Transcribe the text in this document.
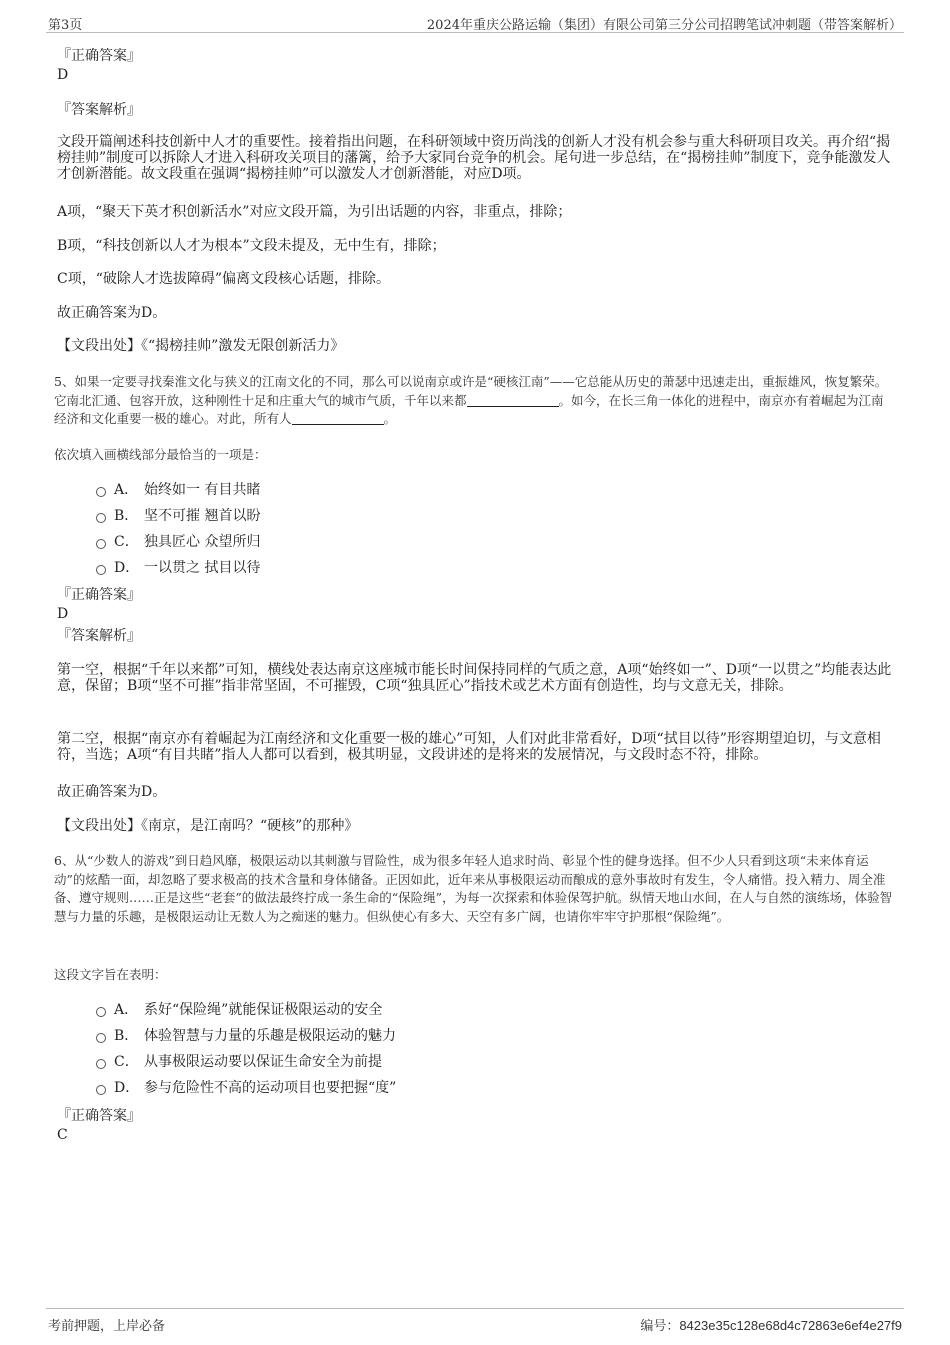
第3页	2024年重庆公路运输（集团）有限公司第三分公司招聘笔试冲刺题（带答案解析）
『正确答案』
D
『答案解析』
文段开篇阐述科技创新中人才的重要性。接着指出问题，在科研领域中资历尚浅的创新人才没有机会参与重大科研项目攻关。再介绍“揭榜挂帅”制度可以拆除人才进入科研攻关项目的藩篱，给予大家同台竞争的机会。尾句进一步总结，在“揭榜挂帅”制度下，竞争能激发人才创新潜能。故文段重在强调“揭榜挂帅”可以激发人才创新潜能，对应D项。
A项，“聚天下英才积创新活水”对应文段开篇，为引出话题的内容，非重点，排除；
B项，“科技创新以人才为根本”文段未提及，无中生有，排除；
C项，“破除人才选拔障碍”偏离文段核心话题，排除。
故正确答案为D。
【文段出处】《“揭榜挂帅”激发无限创新活力》
5、如果一定要寻找秦淮文化与狭义的江南文化的不同，那么可以说南京或许是“硬核江南”——它总能从历史的萧瑟中迅速走出，重振雄风，恢复繁荣。它南北汇通、包容开放，这种刚性十足和庄重大气的城市气质，千年以来都	。如今，在长三角一体化的进程中，南京亦有着崛起为江南经济和文化重要一极的雄心。对此，所有人	。
依次填入画横线部分最恰当的一项是：
A． 始终如一 有目共睹
B． 坚不可摧 翘首以盼
C． 独具匠心 众望所归
D． 一以贯之 拭目以待
『正确答案』
D
『答案解析』
第一空，根据“千年以来都”可知，横线处表达南京这座城市能长时间保持同样的气质之意，A项“始终如一”、D项“一以贯之”均能表达此意，保留；B项“坚不可摧”指非常坚固，不可摧毁，C项“独具匠心”指技术或艺术方面有创造性，均与文意无关，排除。
第二空，根据“南京亦有着崛起为江南经济和文化重要一极的雄心”可知，人们对此非常看好，D项“拭目以待”形容期望迫切，与文意相符，当选；A项“有目共睹”指人人都可以看到，极其明显，文段讲述的是将来的发展情况，与文段时态不符，排除。
故正确答案为D。
【文段出处】《南京，是江南吗？“硬核”的那种》
6、从“少数人的游戏”到日趋风靡，极限运动以其刺激与冒险性，成为很多年轻人追求时尚、彰显个性的健身选择。但不少人只看到这项“未来体育运动”的炫酷一面，却忽略了要求极高的技术含量和身体储备。正因如此，近年来从事极限运动而酿成的意外事故时有发生，令人痛惜。投入精力、周全准备、遵守规则……正是这些“老套”的做法最终拧成一条生命的“保险绳”，为每一次探索和体验保驾护航。纵情天地山水间，在人与自然的演练场，体验智慧与力量的乐趣，是极限运动让无数人为之痴迷的魅力。但纵使心有多大、天空有多广阔，也请你牢牢守护那根“保险绳”。
这段文字旨在表明：
A． 系好“保险绳”就能保证极限运动的安全
B． 体验智慧与力量的乐趣是极限运动的魅力
C． 从事极限运动要以保证生命安全为前提
D． 参与危险性不高的运动项目也要把握“度”
『正确答案』
C
考前押题，上岸必备	编号：8423e35c128e68d4c72863e6ef4e27f9
